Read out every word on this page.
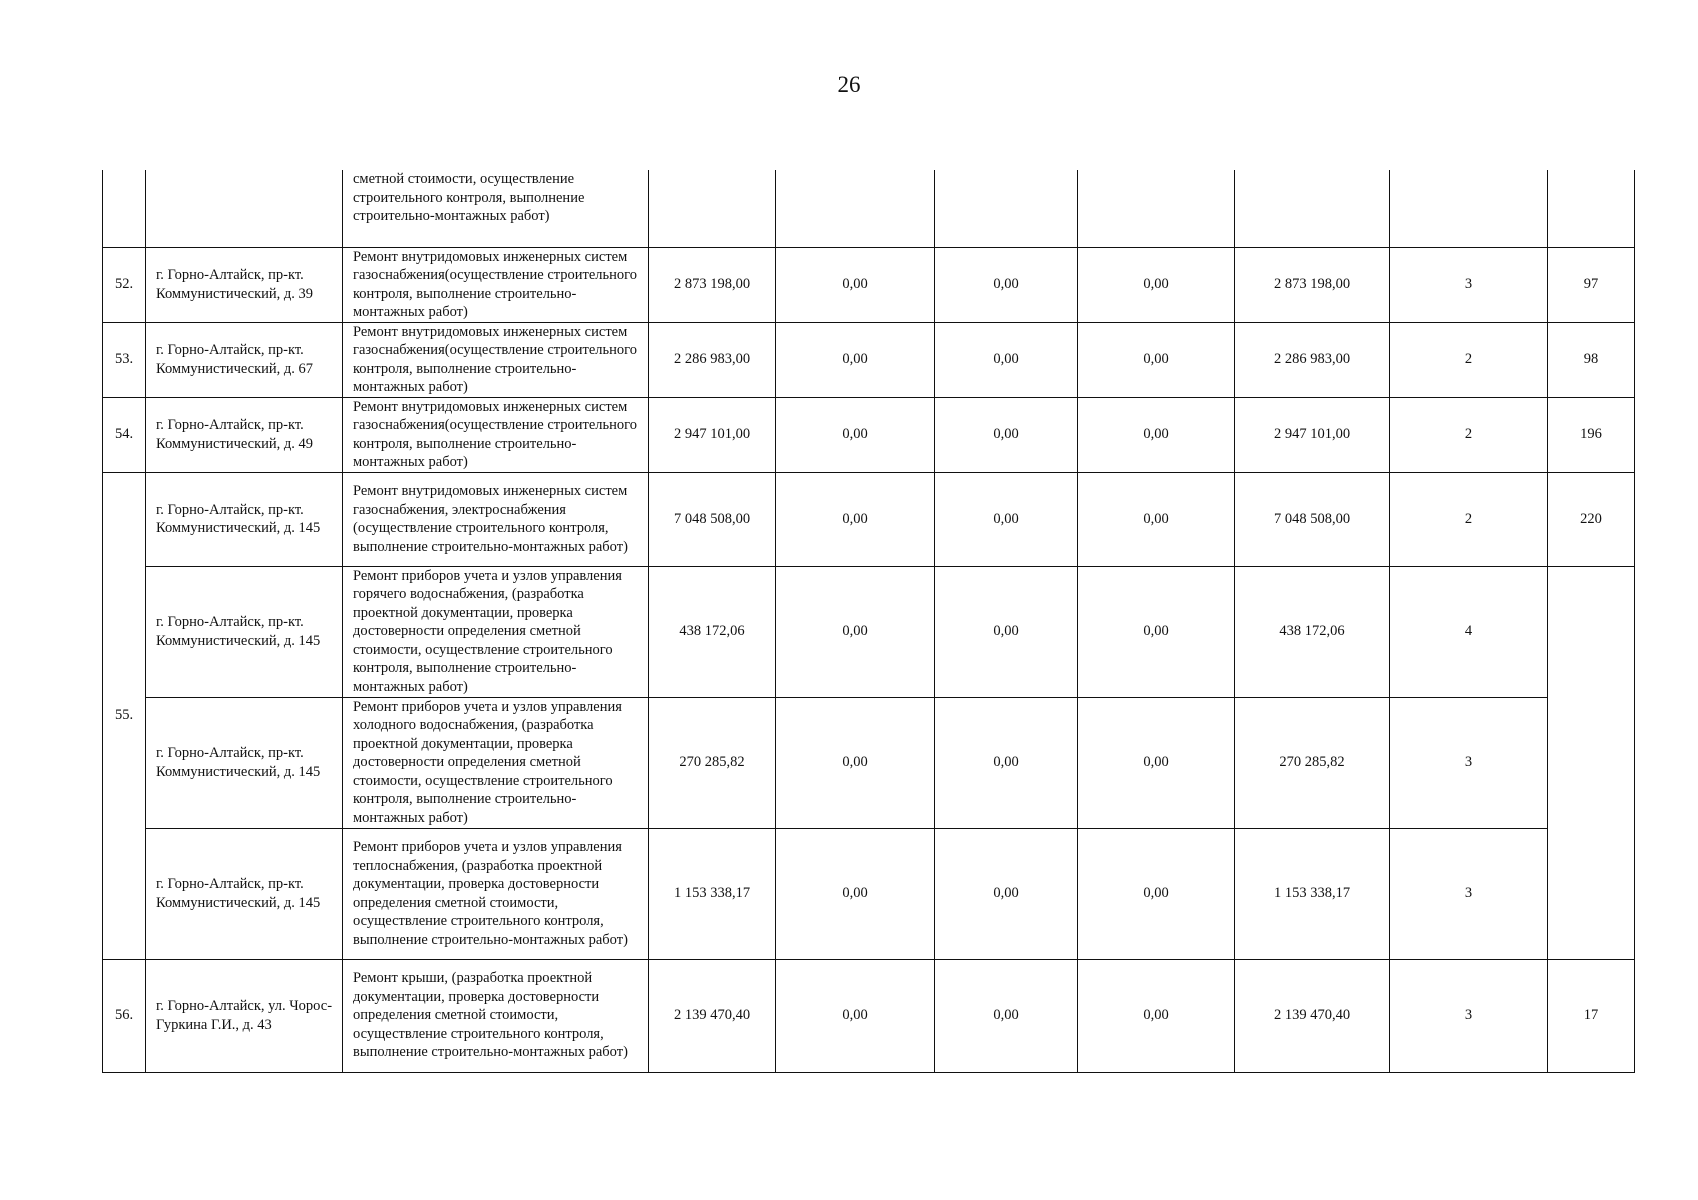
26
		сметной стоимости, осуществление строительного контроля, выполнение строительно-монтажных работ)							
52.	г. Горно-Алтайск, пр-кт. Коммунистический, д. 39	Ремонт внутридомовых инженерных систем газоснабжения(осуществление строительного контроля, выполнение строительно-монтажных работ)	2 873 198,00	0,00	0,00	0,00	2 873 198,00	3	97
53.	г. Горно-Алтайск, пр-кт. Коммунистический, д. 67	Ремонт внутридомовых инженерных систем газоснабжения(осуществление строительного контроля, выполнение строительно-монтажных работ)	2 286 983,00	0,00	0,00	0,00	2 286 983,00	2	98
54.	г. Горно-Алтайск, пр-кт. Коммунистический, д. 49	Ремонт внутридомовых инженерных систем газоснабжения(осуществление строительного контроля, выполнение строительно-монтажных работ)	2 947 101,00	0,00	0,00	0,00	2 947 101,00	2	196
55.	г. Горно-Алтайск, пр-кт. Коммунистический, д. 145	Ремонт внутридомовых инженерных систем газоснабжения, электроснабжения (осуществление строительного контроля, выполнение строительно-монтажных работ)	7 048 508,00	0,00	0,00	0,00	7 048 508,00	2	220
	г. Горно-Алтайск, пр-кт. Коммунистический, д. 145	Ремонт приборов учета и узлов управления горячего водоснабжения, (разработка проектной документации, проверка достоверности определения сметной стоимости, осуществление строительного контроля, выполнение строительно-монтажных работ)	438 172,06	0,00	0,00	0,00	438 172,06	4	
	г. Горно-Алтайск, пр-кт. Коммунистический, д. 145	Ремонт приборов учета и узлов управления холодного водоснабжения, (разработка проектной документации, проверка достоверности определения сметной стоимости, осуществление строительного контроля, выполнение строительно-монтажных работ)	270 285,82	0,00	0,00	0,00	270 285,82	3	
	г. Горно-Алтайск, пр-кт. Коммунистический, д. 145	Ремонт приборов учета и узлов управления теплоснабжения, (разработка проектной документации, проверка достоверности определения сметной стоимости, осуществление строительного контроля, выполнение строительно-монтажных работ)	1 153 338,17	0,00	0,00	0,00	1 153 338,17	3	
56.	г. Горно-Алтайск, ул. Чорос-Гуркина Г.И., д. 43	Ремонт крыши, (разработка проектной документации, проверка достоверности определения сметной стоимости, осуществление строительного контроля, выполнение строительно-монтажных работ)	2 139 470,40	0,00	0,00	0,00	2 139 470,40	3	17
